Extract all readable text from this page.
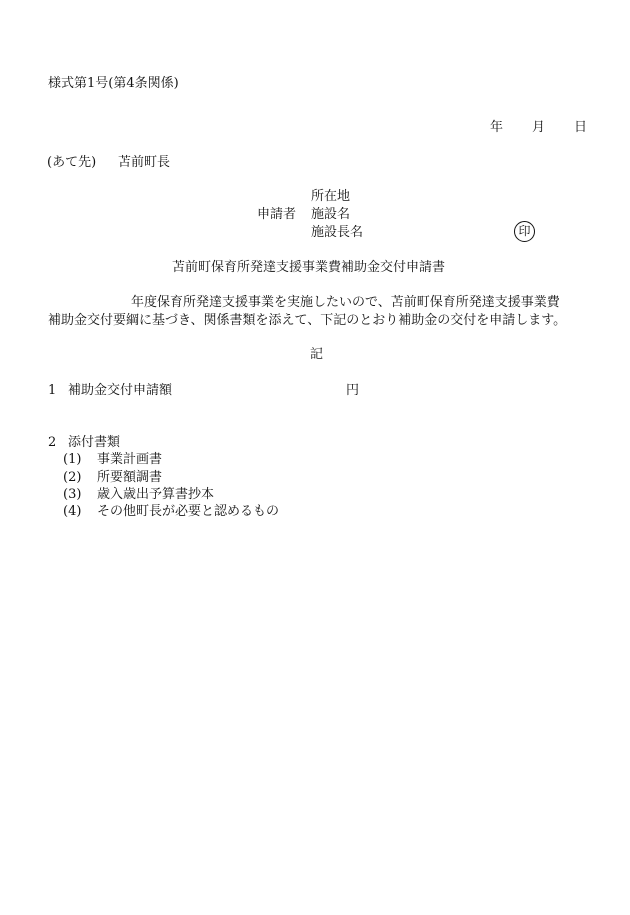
様式第1号(第4条関係)
年 月 日
(あて先) 苫前町長
所在地
申請者 施設名
施設長名	印
苫前町保育所発達支援事業費補助金交付申請書
年度保育所発達支援事業を実施したいので、苫前町保育所発達支援事業費
補助金交付要綱に基づき、関係書類を添えて、下記のとおり補助金の交付を申請します。
記
1 補助金交付申請額	円
2 添付書類
(1) 事業計画書
(2) 所要額調書
(3) 歳入歳出予算書抄本
(4) その他町長が必要と認めるもの
